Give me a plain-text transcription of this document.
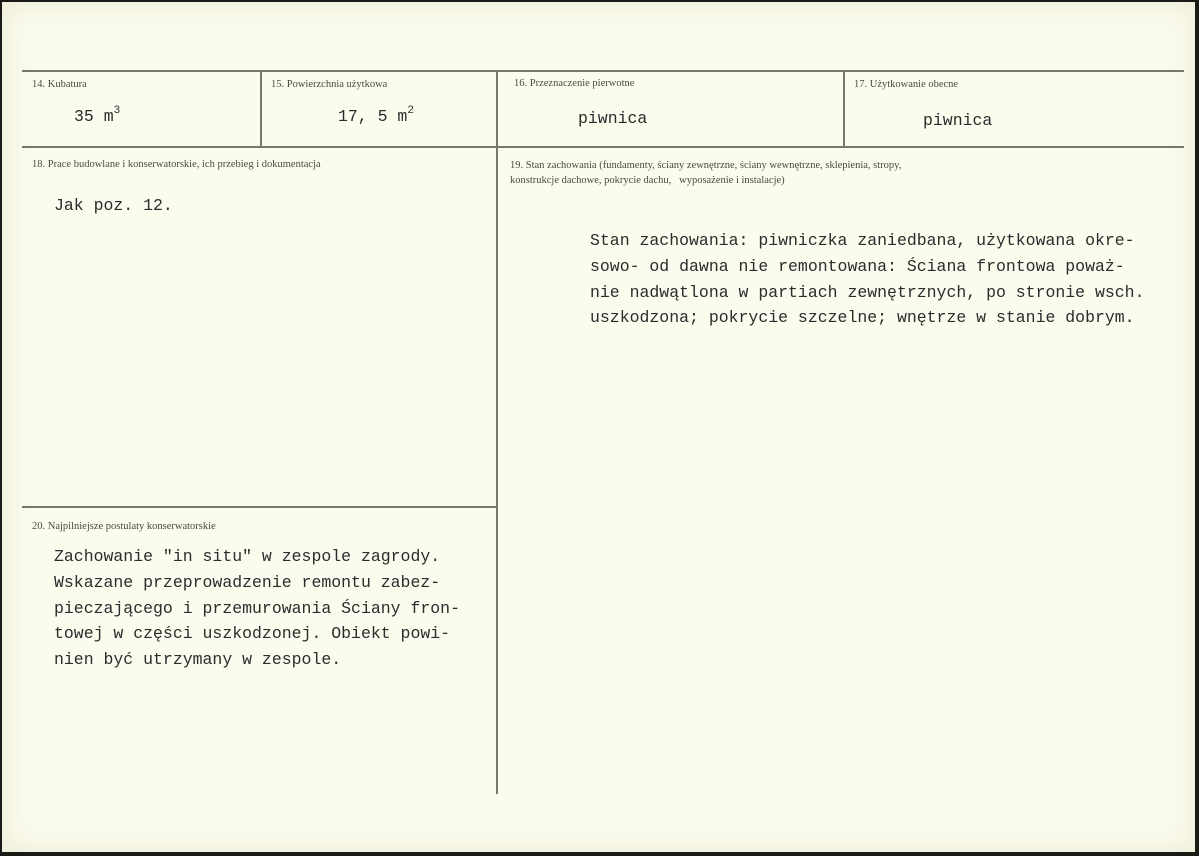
14. Kubatura
35 $m^3$
15. Powierzchnia użytkowa
17, 5 $m^2$
16. Przeznaczenie pierwotne
piwnica
17. Użytkowanie obecne
piwnica
18. Prace budowlane i konserwatorskie, ich przebieg i dokumentacja
Jak poz. 12.
19. Stan zachowania (fundamenty, ściany zewnętrzne, ściany wewnętrzne, sklepienia, stropy,
konstrukcje dachowe, pokrycie dachu,   wyposażenie i instalacje)
Stan zachowania: piwniczka zaniedbana, użytkowana okre-
sowo- od dawna nie remontowana: Ściana frontowa poważ-
nie nadwątlona w partiach zewnętrznych, po stronie wsch.
uszkodzona; pokrycie szczelne; wnętrze w stanie dobrym.
20. Najpilniejsze postulaty konserwatorskie
Zachowanie "in situ" w zespole zagrody.
Wskazane przeprowadzenie remontu zabez-
pieczającego i przemurowania Ściany fron-
towej w części uszkodzonej. Obiekt powi-
nien być utrzymany w zespole.
